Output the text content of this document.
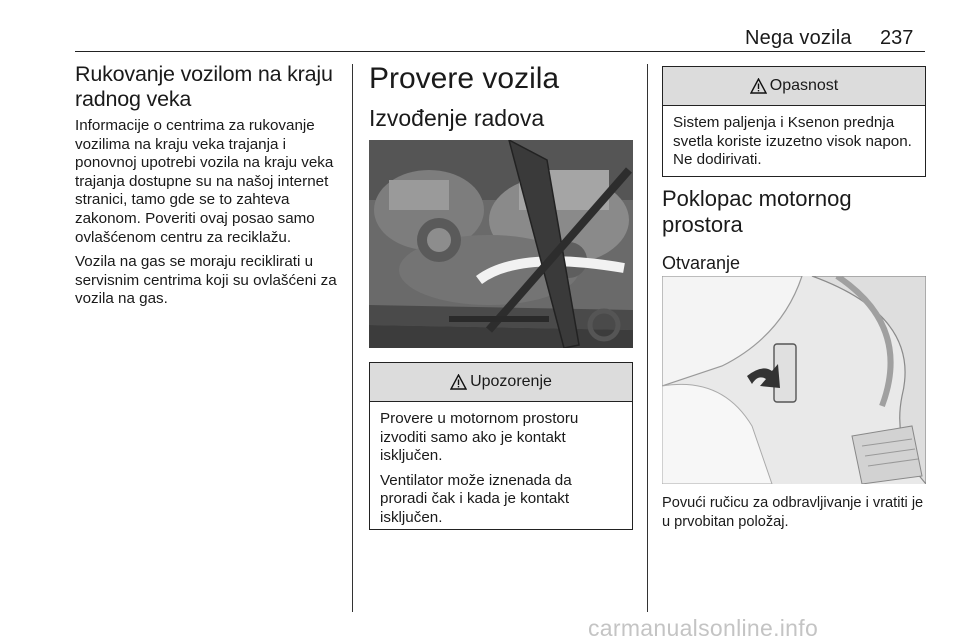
Nega vozila 237
Rukovanje vozilom na kraju radnog veka

Informacije o centrima za rukovanje vozilima na kraju veka trajanja i ponovnoj upotrebi vozila na kraju veka trajanja dostupne su na našoj internet stranici, tamo gde se to zahteva zakonom. Poveriti ovaj posao samo ovlašćenom centru za reciklažu.

Vozila na gas se moraju reciklirati u servisnim centrima koji su ovlašćeni za vozila na gas.

Provere vozila
Izvođenje radova
Upozorenje

Provere u motornom prostoru izvoditi samo ako je kontakt isključen.

Ventilator može iznenada da proradi čak i kada je kontakt isključen.

Opasnost

Sistem paljenja i Ksenon prednja svetla koriste izuzetno visok napon. Ne dodirivati.

Poklopac motornog prostora
Otvaranje

Povući ručicu za odbravljivanje i vratiti je u prvobitan položaj.

carmanualsonline.info
